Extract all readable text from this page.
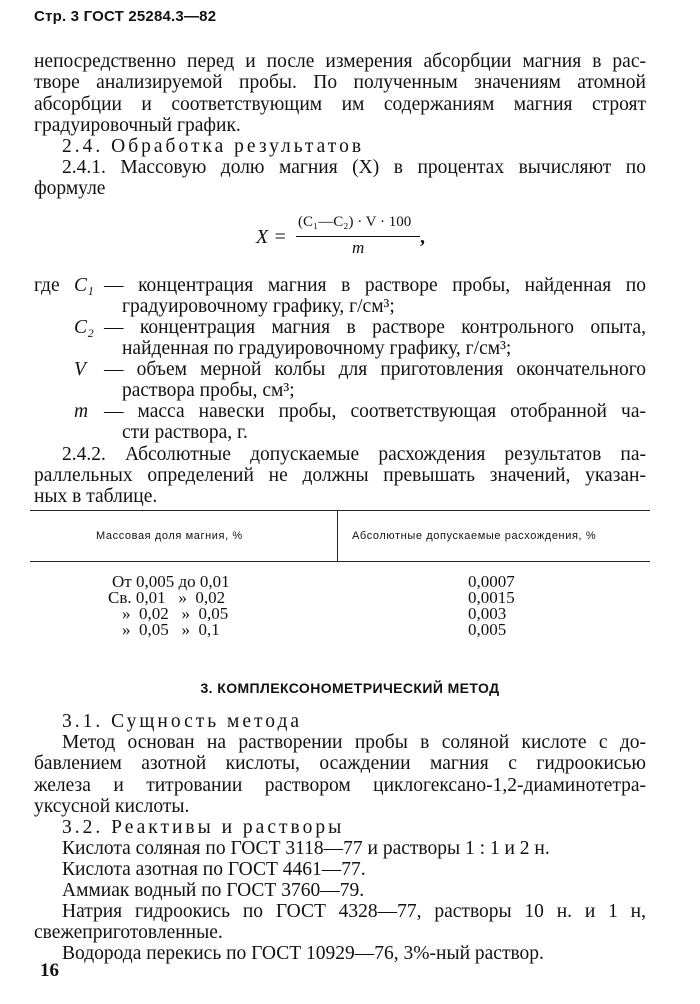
Стр. 3 ГОСТ 25284.3—82
непосредственно перед и после измерения абсорбции магния в рас-
творе анализируемой пробы. По полученным значениям атомной
абсорбции и соответствующим им содержаниям магния строят
градуировочный график.
2.4. Обработка результатов
2.4.1. Массовую долю магния (X) в процентах вычисляют по
формуле
X =
(C₁—C₂) · V · 100
m	,
где C₁ — концентрация магния в растворе пробы, найденная по
градуировочному графику, г/см³;
C₂ — концентрация магния в растворе контрольного опыта,
найденная по градуировочному графику, г/см³;
V — объем мерной колбы для приготовления окончательного
раствора пробы, см³;
m — масса навески пробы, соответствующая отобранной ча-
сти раствора, г.
2.4.2. Абсолютные допускаемые расхождения результатов па-
раллельных определений не должны превышать значений, указан-
ных в таблице.
Массовая доля магния, %	Абсолютные допускаемые расхождения, %
От 0,005 до 0,01	0,0007
Св. 0,01   »  0,02	0,0015
»  0,02   »  0,05	0,003
»  0,05   »  0,1	0,005
3. КОМПЛЕКСОНОМЕТРИЧЕСКИЙ МЕТОД
3.1. Сущность метода
Метод основан на растворении пробы в соляной кислоте с до-
бавлением азотной кислоты, осаждении магния с гидроокисью
железа и титровании раствором циклогексано-1,2-диаминотетра-
уксусной кислоты.
3.2. Реактивы и растворы
Кислота соляная по ГОСТ 3118—77 и растворы 1 : 1 и 2 н.
Кислота азотная по ГОСТ 4461—77.
Аммиак водный по ГОСТ 3760—79.
Натрия гидроокись по ГОСТ 4328—77, растворы 10 н. и 1 н,
свежеприготовленные.
Водорода перекись по ГОСТ 10929—76, 3%-ный раствор.
16
